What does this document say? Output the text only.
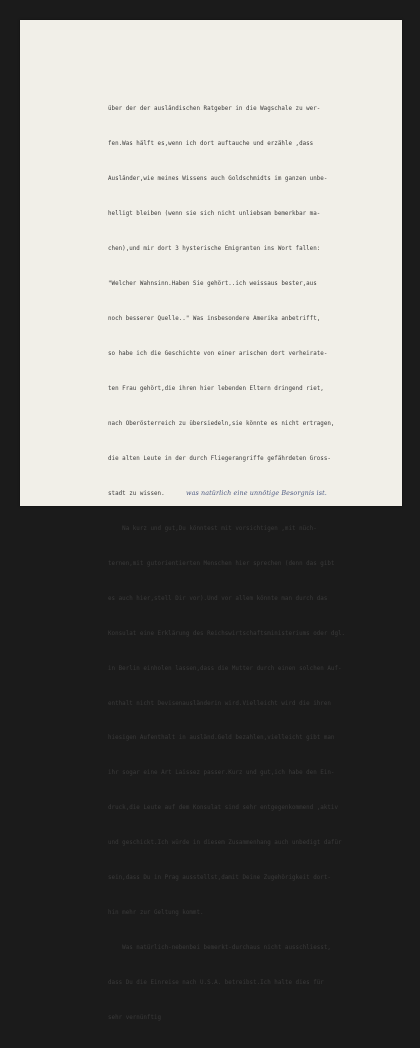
über der der ausländischen Ratgeber in die Wagschale zu wer-

fen.Was hälft es,wenn ich dort auftauche und erzähle ,dass

Ausländer,wie meines Wissens auch Goldschmidts im ganzen unbe-

helligt bleiben (wenn sie sich nicht unliebsam bemerkbar ma-

chen),und mir dort 3 hysterische Emigranten ins Wort fallen:

"Welcher Wahnsinn.Haben Sie gehört..ich weissaus bester,aus

noch besserer Quelle.." Was insbesondere Amerika anbetrifft,

so habe ich die Geschichte von einer arischen dort verheirate-

ten Frau gehört,die ihren hier lebenden Eltern dringend riet,

nach Oberösterreich zu übersiedeln,sie könnte es nicht ertragen,

die alten Leute in der durch Fliegerangriffe gefährdeten Gross-

stadt zu wissen.	was natürlich eine unnötige Besorgnis ist.

Na kurz und gut,Du könntest mit vorsichtigen ,mit nüch-

ternen,mit gutorientierten Menschen hier sprechen (denn das gibt

es auch hier,stell Dir vor).Und vor allem könnte man durch das

Konsulat eine Erklärung des Reichswirtschaftsministeriums oder dgl.

in Berlin einholen lassen,dass die Mutter durch einen solchen Auf-

enthalt nicht Devisenausländerin wird.Vielleicht wird die ihren

hiesigen Aufenthalt in ausländ.Geld bezahlen,vielleicht gibt man

ihr sogar eine Art Laissez passer.Kurz und gut,ich habe den Ein-

druck,die Leute auf dem Konsulat sind sehr entgegenkommend ,aktiv

und geschickt.Ich würde in diesem Zusammenhang auch unbedigt dafür

sein,dass Du in Prag ausstellst,damit Deine Zugehörigkeit dort-

hin mehr zur Geltung kommt.

Was natürlich-nebenbei bemerkt-durchaus nicht ausschliesst,

dass Du die Einreise nach U.S.A. betreibst.Ich halte dies für

sehr vernünftig
